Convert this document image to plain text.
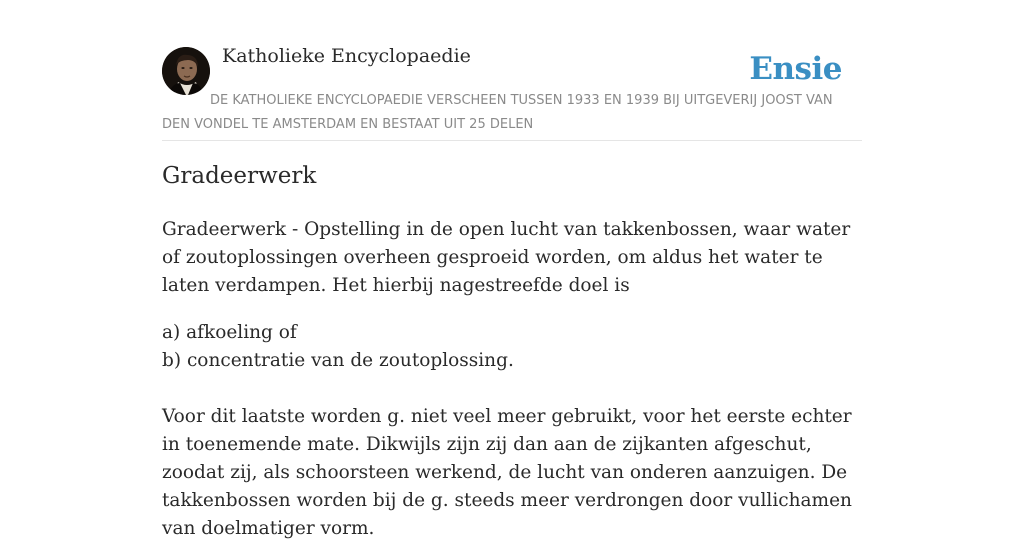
Katholieke Encyclopaedie	Ensie
DE KATHOLIEKE ENCYCLOPAEDIE VERSCHEEN TUSSEN 1933 EN 1939 BIJ UITGEVERIJ JOOST VAN DEN VONDEL TE AMSTERDAM EN BESTAAT UIT 25 DELEN
Gradeerwerk

Gradeerwerk - Opstelling in de open lucht van takkenbossen, waar water of zoutoplossingen overheen gesproeid worden, om aldus het water te laten verdampen. Het hierbij nagestreefde doel is

a) afkoeling of
b) concentratie van de zoutoplossing.

Voor dit laatste worden g. niet veel meer gebruikt, voor het eerste echter in toenemende mate. Dikwijls zijn zij dan aan de zijkanten afgeschut, zoodat zij, als schoorsteen werkend, de lucht van onderen aanzuigen. De takkenbossen worden bij de g. steeds meer verdrongen door vullichamen van doelmatiger vorm.
